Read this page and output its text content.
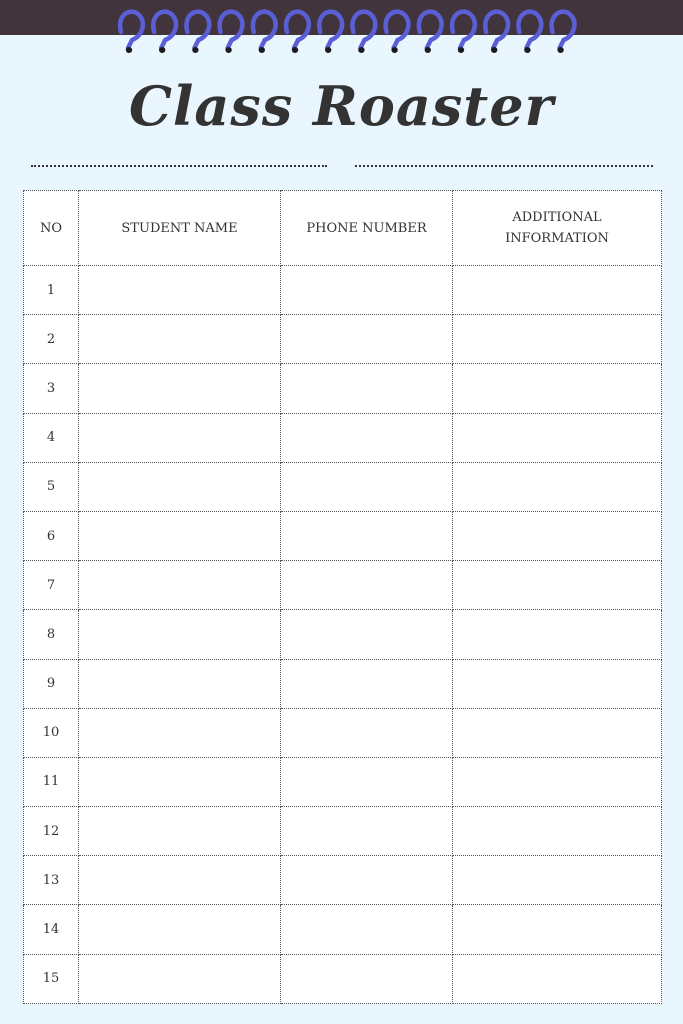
Class Roaster
NO	STUDENT NAME	PHONE NUMBER	ADDITIONAL INFORMATION

1			
2			
3			
4			
5			
6			
7			
8			
9			
10			
11			
12			
13			
14			
15			
